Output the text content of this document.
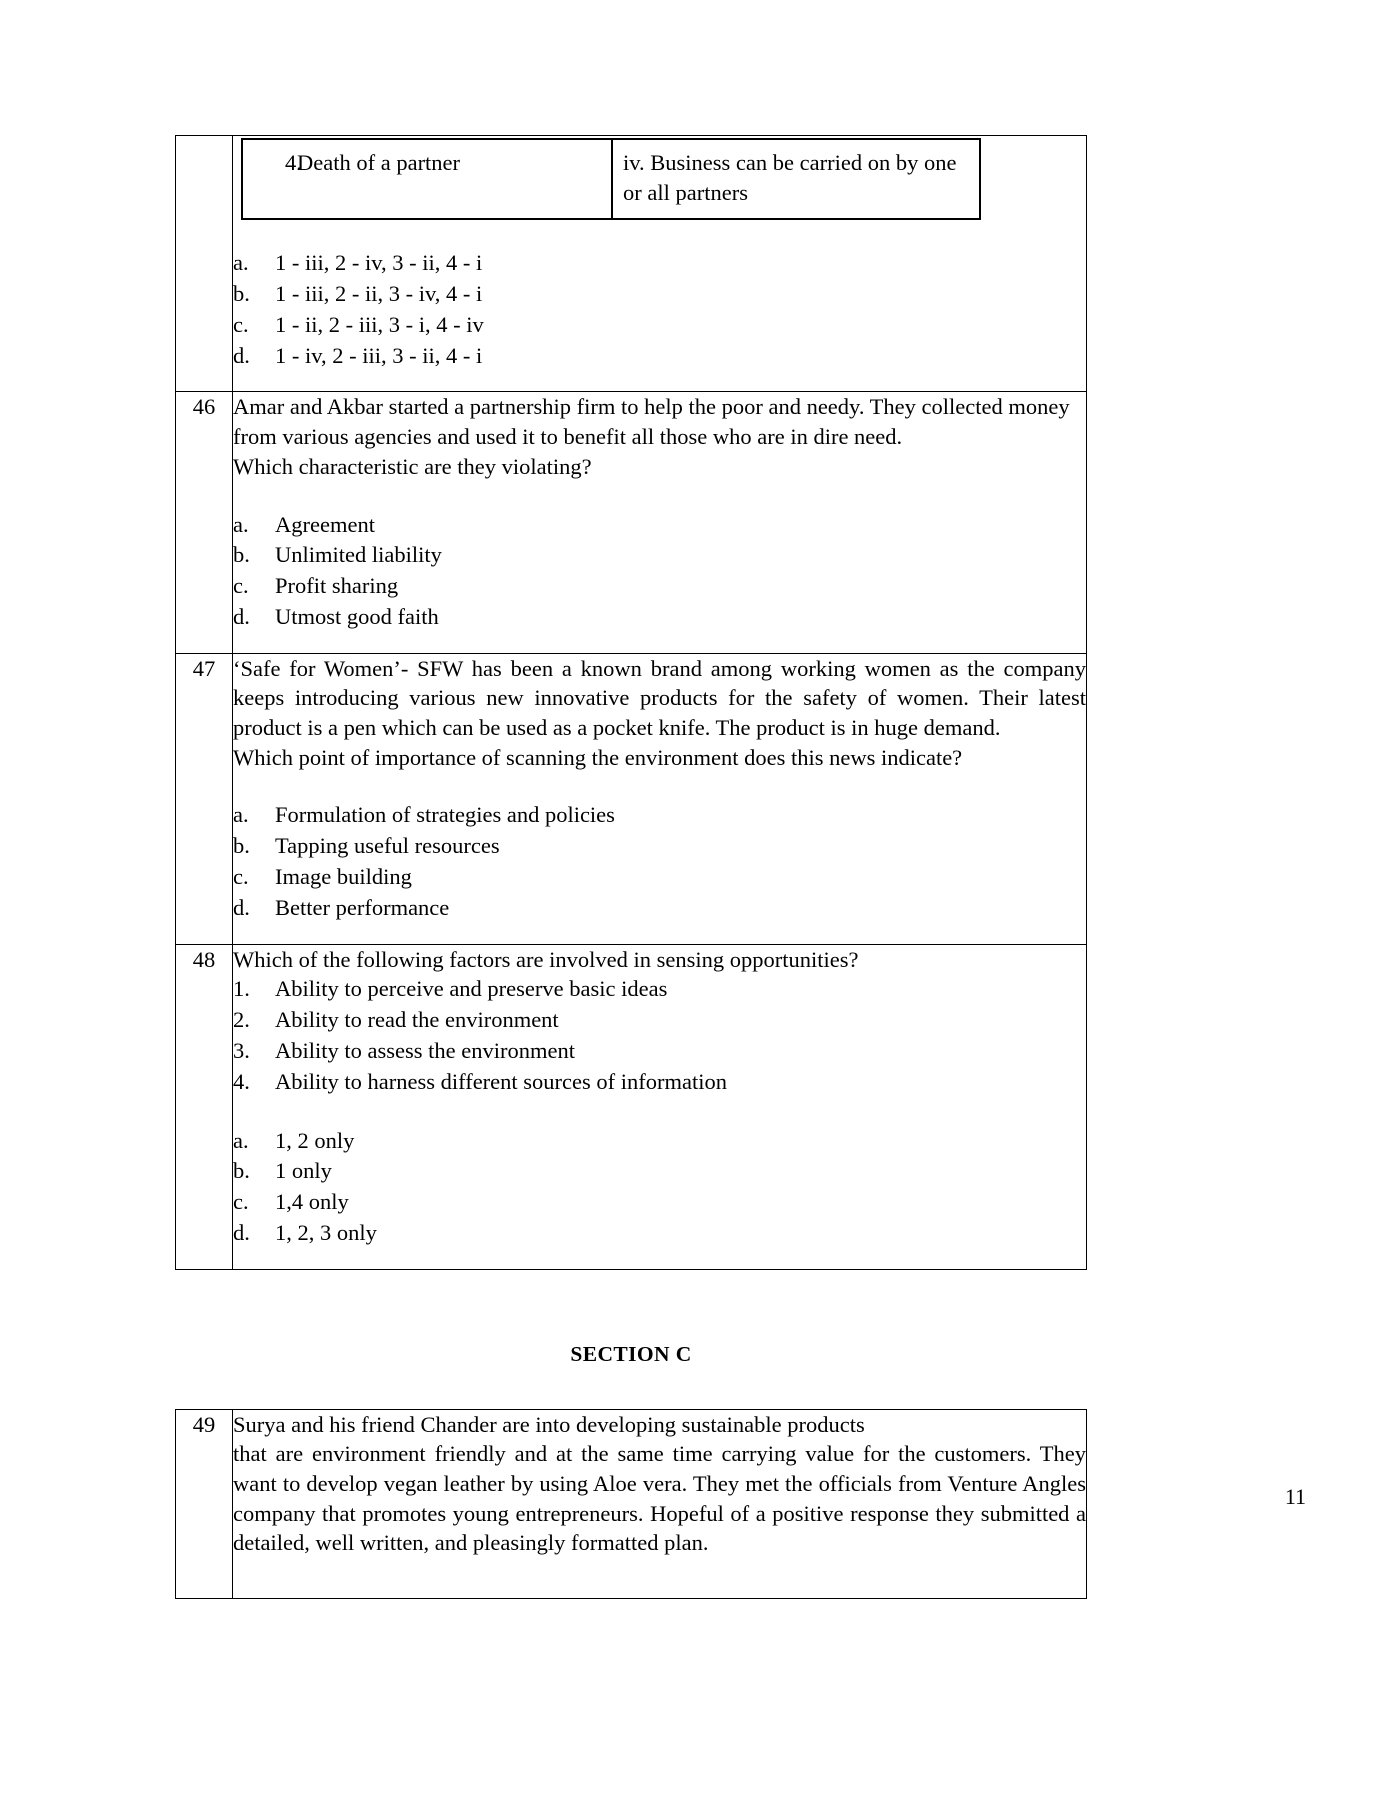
4.
Death of a partner	iv. Business can be carried on by one or all partners
a.	1 - iii, 2 - iv, 3 - ii, 4 - i
b.	1 - iii, 2 - ii, 3 - iv, 4 - i
c.	1 - ii, 2 - iii, 3 - i, 4 - iv
d.	1 - iv, 2 - iii, 3 - ii, 4 - i

46	Amar and Akbar started a partnership firm to help the poor and needy. They collected money from various agencies and used it to benefit all those who are in dire need.

Which characteristic are they violating?

a.	Agreement
b.	Unlimited liability
c.	Profit sharing
d.	Utmost good faith

47	‘Safe for Women’- SFW has been a known brand among working women as the company keeps introducing various new innovative products for the safety of women. Their latest product is a pen which can be used as a pocket knife. The product is in huge demand.

Which point of importance of scanning the environment does this news indicate?

a.	Formulation of strategies and policies
b.	Tapping useful resources
c.	Image building
d.	Better performance

48	Which of the following factors are involved in sensing opportunities?

1.	Ability to perceive and preserve basic ideas
2.	Ability to read the environment
3.	Ability to assess the environment
4.	Ability to harness different sources of information
a.	1, 2 only
b.	1 only
c.	1,4 only
d.	1, 2, 3 only
SECTION C
49	Surya and his friend Chander are into developing sustainable products

that are environment friendly and at the same time carrying value for the customers. They want to develop vegan leather by using Aloe vera. They met the officials from Venture Angles company that promotes young entrepreneurs. Hopeful of a positive response they submitted a detailed, well written, and pleasingly formatted plan.

11
